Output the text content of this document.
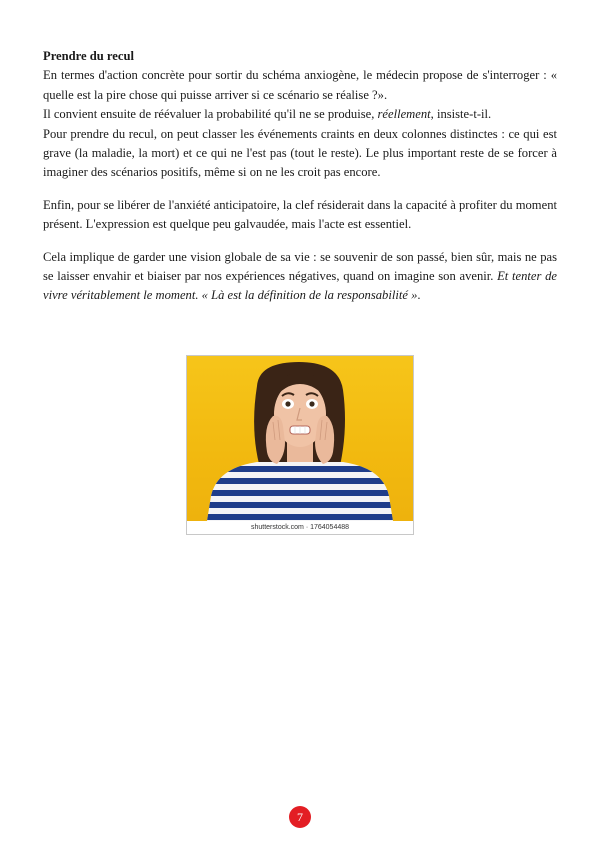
Prendre du recul

En termes d'action concrète pour sortir du schéma anxiogène, le médecin propose de s'interroger : « quelle est la pire chose qui puisse arriver si ce scénario se réalise ?».

Il convient ensuite de réévaluer la probabilité qu'il ne se produise, réellement, insiste-t-il.

Pour prendre du recul, on peut classer les événements craints en deux colonnes distinctes : ce qui est grave (la maladie, la mort) et ce qui ne l'est pas (tout le reste). Le plus important reste de se forcer à imaginer des scénarios positifs, même si on ne les croit pas encore.

Enfin, pour se libérer de l'anxiété anticipatoire, la clef résiderait dans la capacité à profiter du moment présent. L'expression est quelque peu galvaudée, mais l'acte est essentiel.

Cela implique de garder une vision globale de sa vie : se souvenir de son passé, bien sûr, mais ne pas se laisser envahir et biaiser par nos expériences négatives, quand on imagine son avenir. Et tenter de vivre véritablement le moment. « Là est la définition de la responsabilité ».

shutterstock.com · 1764054488
7
